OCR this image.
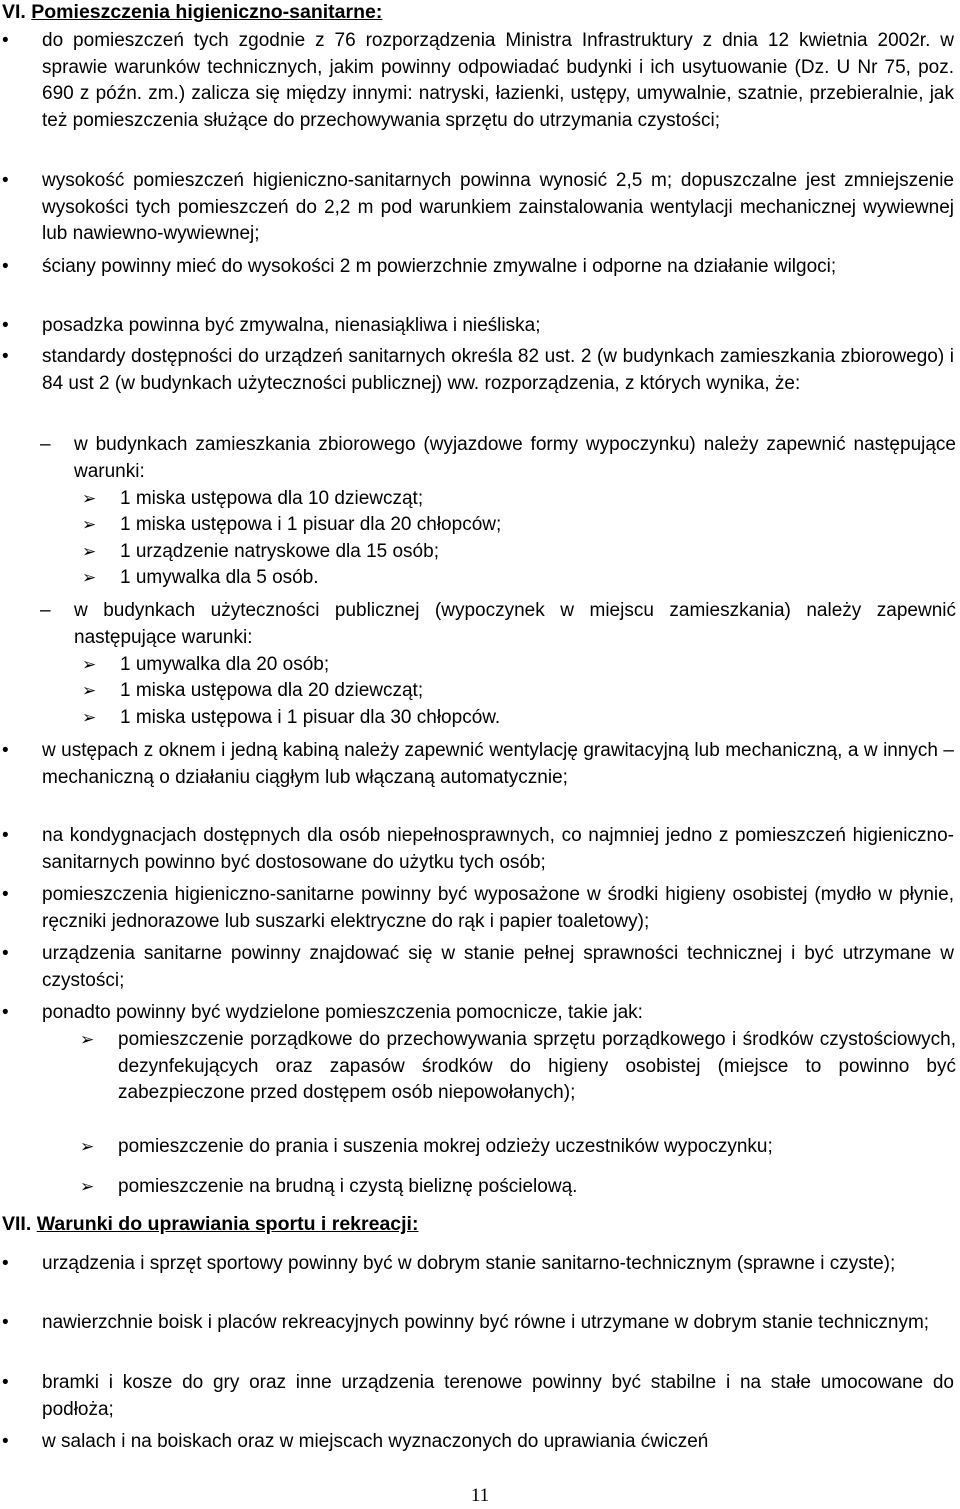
VI. Pomieszczenia higieniczno-sanitarne:
• do pomieszczeń tych zgodnie z 76 rozporządzenia Ministra Infrastruktury z dnia 12 kwietnia 2002r. w sprawie warunków technicznych, jakim powinny odpowiadać budynki i ich usytuowanie (Dz. U Nr 75, poz. 690 z późn. zm.) zalicza się między innymi: natryski, łazienki, ustępy, umywalnie, szatnie, przebieralnie, jak też pomieszczenia służące do przechowywania sprzętu do utrzymania czystości;
• wysokość pomieszczeń higieniczno-sanitarnych powinna wynosić 2,5 m; dopuszczalne jest zmniejszenie wysokości tych pomieszczeń do 2,2 m pod warunkiem zainstalowania wentylacji mechanicznej wywiewnej lub nawiewno-wywiewnej;
• ściany powinny mieć do wysokości 2 m powierzchnie zmywalne i odporne na działanie wilgoci;
• posadzka powinna być zmywalna, nienasiąkliwa i nieśliska;
• standardy dostępności do urządzeń sanitarnych określa 82 ust. 2 (w budynkach zamieszkania zbiorowego) i 84 ust 2 (w budynkach użyteczności publicznej) ww. rozporządzenia, z których wynika, że:
– w budynkach zamieszkania zbiorowego (wyjazdowe formy wypoczynku) należy zapewnić następujące warunki:
➢ 1 miska ustępowa dla 10 dziewcząt;
➢ 1 miska ustępowa i 1 pisuar dla 20 chłopców;
➢ 1 urządzenie natryskowe dla 15 osób;
➢ 1 umywalka dla 5 osób.
– w budynkach użyteczności publicznej (wypoczynek w miejscu zamieszkania) należy zapewnić następujące warunki:
➢ 1 umywalka dla 20 osób;
➢ 1 miska ustępowa dla 20 dziewcząt;
➢ 1 miska ustępowa i 1 pisuar dla 30 chłopców.
• w ustępach z oknem i jedną kabiną należy zapewnić wentylację grawitacyjną lub mechaniczną, a w innych – mechaniczną o działaniu ciągłym lub włączaną automatycznie;
• na kondygnacjach dostępnych dla osób niepełnosprawnych, co najmniej jedno z pomieszczeń higieniczno-sanitarnych powinno być dostosowane do użytku tych osób;
• pomieszczenia higieniczno-sanitarne powinny być wyposażone w środki higieny osobistej (mydło w płynie, ręczniki jednorazowe lub suszarki elektryczne do rąk i papier toaletowy);
• urządzenia sanitarne powinny znajdować się w stanie pełnej sprawności technicznej i być utrzymane w czystości;
• ponadto powinny być wydzielone pomieszczenia pomocnicze, takie jak:
➢ pomieszczenie porządkowe do przechowywania sprzętu porządkowego i środków czystościowych, dezynfekujących oraz zapasów środków do higieny osobistej (miejsce to powinno być zabezpieczone przed dostępem osób niepowołanych);
➢ pomieszczenie do prania i suszenia mokrej odzieży uczestników wypoczynku;
➢ pomieszczenie na brudną i czystą bieliznę pościelową.
VII. Warunki do uprawiania sportu i rekreacji:
• urządzenia i sprzęt sportowy powinny być w dobrym stanie sanitarno-technicznym (sprawne i czyste);
• nawierzchnie boisk i placów rekreacyjnych powinny być równe i utrzymane w dobrym stanie technicznym;
• bramki i kosze do gry oraz inne urządzenia terenowe powinny być stabilne i na stałe umocowane do podłoża;
• w salach i na boiskach oraz w miejscach wyznaczonych do uprawiania ćwiczeń
11
